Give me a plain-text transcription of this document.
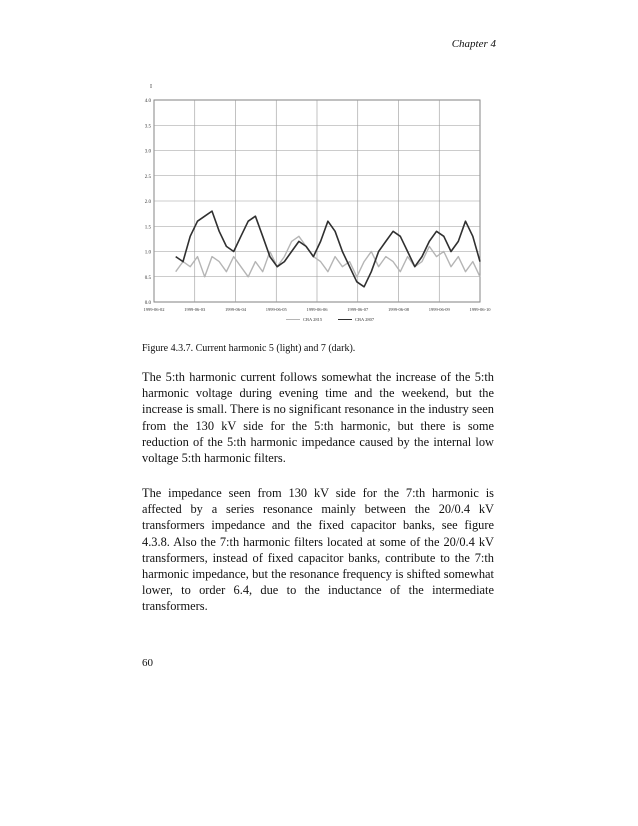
Chapter 4
0.0
0.5
1.0
1.5
2.0
2.5
3.0
3.5
4.0
1999-06-02	1999-06-03	1999-06-04	1999-06-05	1999-06-06	1999-06-07	1999-06-08	1999-06-09	1999-06-10
I
CBA 2815	CBA 2807
Figure 4.3.7. Current harmonic 5 (light) and 7 (dark).

The 5:th harmonic current follows somewhat the increase of the 5:th harmonic voltage during evening time and the weekend, but the increase is small. There is no significant resonance in the industry seen from the 130 kV side for the 5:th harmonic, but there is some reduction of the 5:th harmonic impedance caused by the internal low voltage 5:th harmonic filters.

The impedance seen from 130 kV side for the 7:th harmonic is affected by a series resonance mainly between the 20/0.4 kV transformers impedance and the fixed capacitor banks, see figure 4.3.8. Also the 7:th harmonic filters located at some of the 20/0.4 kV transformers, instead of fixed capacitor banks, contribute to the 7:th harmonic impedance, but the resonance frequency is shifted somewhat lower, to order 6.4, due to the inductance of the intermediate transformers.

60
